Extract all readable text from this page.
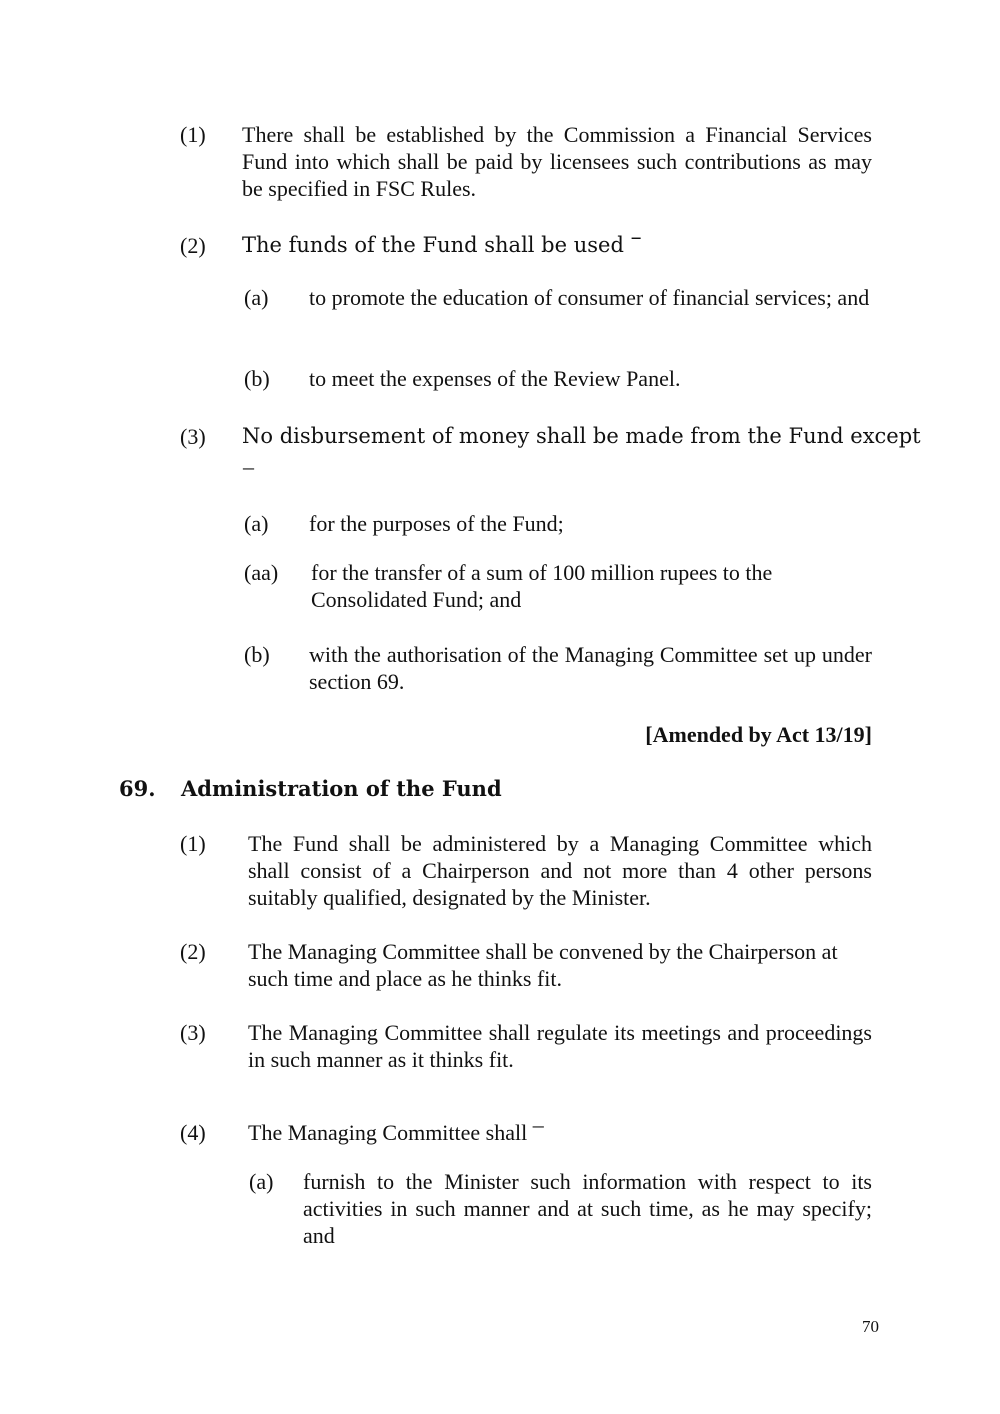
(1) There shall be established by the Commission a Financial Services Fund into which shall be paid by licensees such contributions as may be specified in FSC Rules.
(2) The funds of the Fund shall be used –
(a) to promote the education of consumer of financial services; and
(b) to meet the expenses of the Review Panel.
(3) No disbursement of money shall be made from the Fund except
–
(a) for the purposes of the Fund;
(aa) for the transfer of a sum of 100 million rupees to the Consolidated Fund; and
(b) with the authorisation of the Managing Committee set up under section 69.
[Amended by Act 13/19]
69. Administration of the Fund
(1) The Fund shall be administered by a Managing Committee which shall consist of a Chairperson and not more than 4 other persons suitably qualified, designated by the Minister.
(2) The Managing Committee shall be convened by the Chairperson at such time and place as he thinks fit.
(3) The Managing Committee shall regulate its meetings and proceedings in such manner as it thinks fit.
(4) The Managing Committee shall –
(a) furnish to the Minister such information with respect to its activities in such manner and at such time, as he may specify; and
70
